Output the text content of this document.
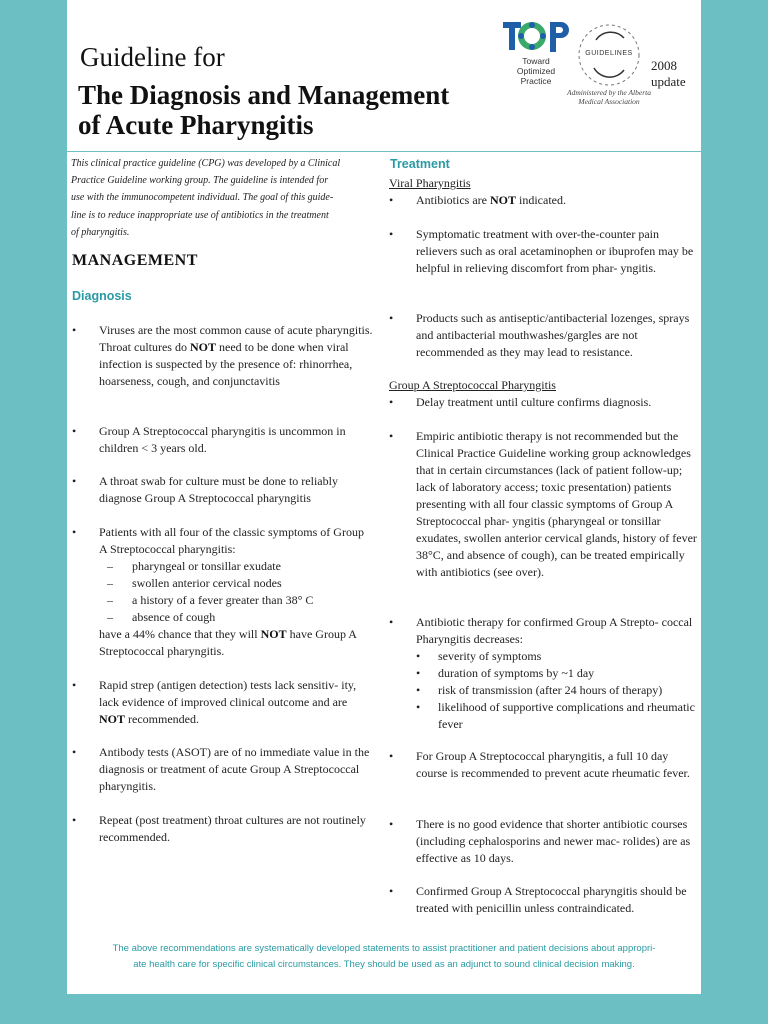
Guideline for
The Diagnosis and Management
of Acute Pharyngitis
Toward
Optimized
Practice
GUIDELINES
2008 update
Administered by the Alberta
Medical Association
This clinical practice guideline (CPG) was developed by a Clinical
Practice Guideline working group. The guideline is intended for
use with the immunocompetent individual. The goal of this guide-
line is to reduce inappropriate use of antibiotics in the treatment
of pharyngitis.
MANAGEMENT
Diagnosis
• Viruses are the most common cause of acute pharyngitis. Throat cultures do NOT need to be done when viral infection is suspected by the presence of: rhinorrhea, hoarseness, cough, and conjunctavitis
• Group A Streptococcal pharyngitis is uncommon in children < 3 years old.
• A throat swab for culture must be done to reliably diagnose Group A Streptococcal pharyngitis
• Patients with all four of the classic symptoms of Group A Streptococcal pharyngitis:
– pharyngeal or tonsillar exudate
– swollen anterior cervical nodes
– a history of a fever greater than 38° C
– absence of cough
have a 44% chance that they will NOT have Group A Streptococcal pharyngitis.
• Rapid strep (antigen detection) tests lack sensitiv- ity, lack evidence of improved clinical outcome and are NOT recommended.
• Antibody tests (ASOT) are of no immediate value in the diagnosis or treatment of acute Group A Streptococcal pharyngitis.
• Repeat (post treatment) throat cultures are not routinely recommended.
Treatment
Viral Pharyngitis
• Antibiotics are NOT indicated.
• Symptomatic treatment with over-the-counter pain relievers such as oral acetaminophen or ibuprofen may be helpful in relieving discomfort from phar- yngitis.
• Products such as antiseptic/antibacterial lozenges, sprays and antibacterial mouthwashes/gargles are not recommended as they may lead to resistance.
Group A Streptococcal Pharyngitis
• Delay treatment until culture confirms diagnosis.
• Empiric antibiotic therapy is not recommended but the Clinical Practice Guideline working group acknowledges that in certain circumstances (lack of patient follow-up; lack of laboratory access; toxic presentation) patients presenting with all four classic symptoms of Group A Streptococcal phar- yngitis (pharyngeal or tonsillar exudates, swollen anterior cervical glands, history of fever 38°C, and absence of cough), can be treated empirically with antibiotics (see over).
• Antibiotic therapy for confirmed Group A Strepto- coccal Pharyngitis decreases:
• severity of symptoms
• duration of symptoms by ~1 day
• risk of transmission (after 24 hours of therapy)
• likelihood of supportive complications and rheumatic fever
• For Group A Streptococcal pharyngitis, a full 10 day course is recommended to prevent acute rheumatic fever.
• There is no good evidence that shorter antibiotic courses (including cephalosporins and newer mac- rolides) are as effective as 10 days.
• Confirmed Group A Streptococcal pharyngitis should be treated with penicillin unless contraindicated.
The above recommendations are systematically developed statements to assist practitioner and patient decisions about appropri-
ate health care for specific clinical circumstances. They should be used as an adjunct to sound clinical decision making.
